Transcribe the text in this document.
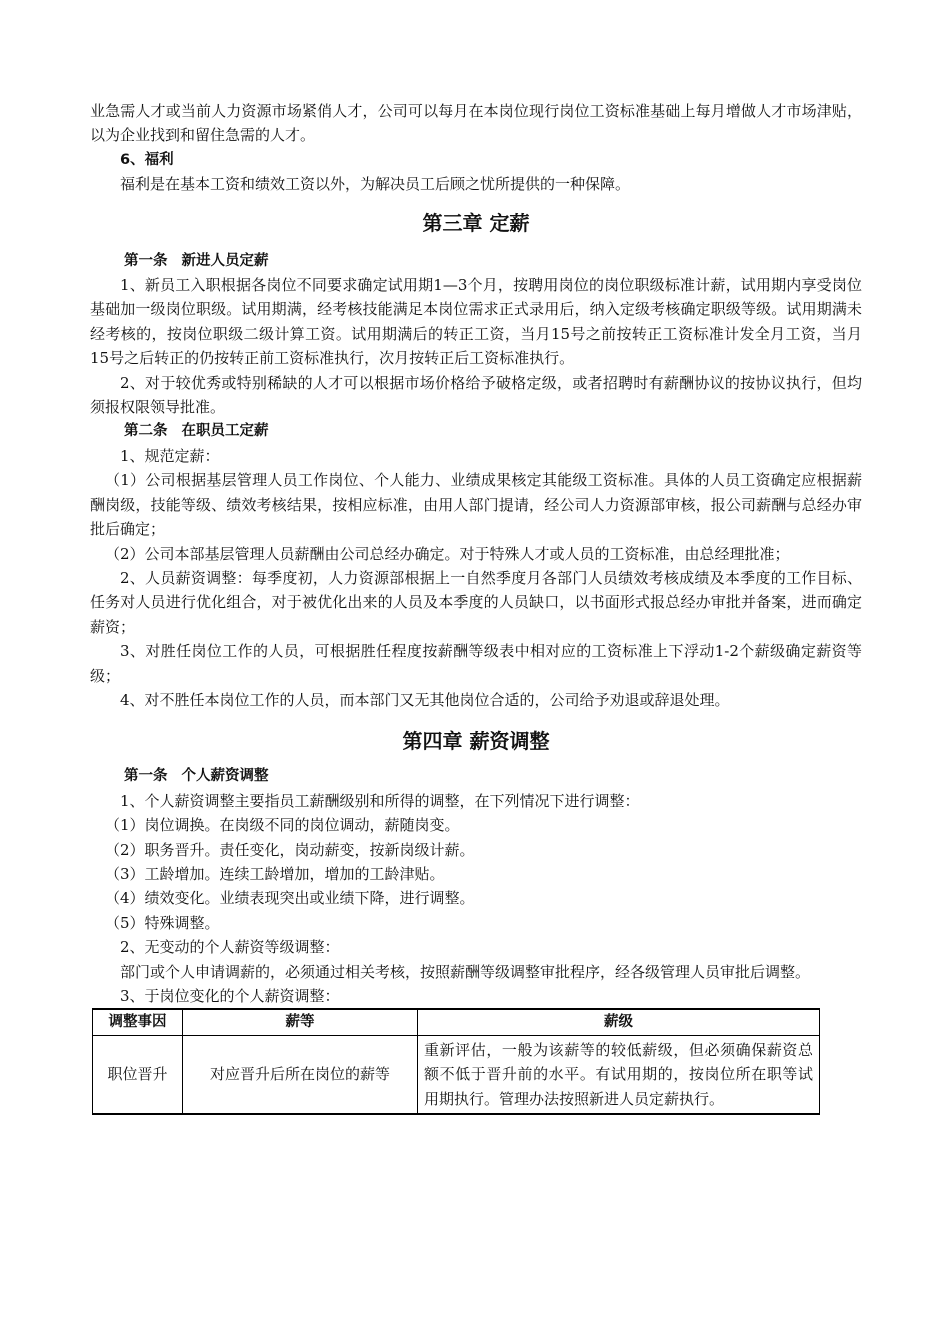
业急需人才或当前人力资源市场紧俏人才，公司可以每月在本岗位现行岗位工资标准基础上每月增做人才市场津贴，以为企业找到和留住急需的人才。

6、福利

福利是在基本工资和绩效工资以外，为解决员工后顾之忧所提供的一种保障。

第三章 定薪

第一条 新进人员定薪

1、新员工入职根据各岗位不同要求确定试用期1—3个月，按聘用岗位的岗位职级标准计薪，试用期内享受岗位基础加一级岗位职级。试用期满，经考核技能满足本岗位需求正式录用后，纳入定级考核确定职级等级。试用期满未经考核的，按岗位职级二级计算工资。试用期满后的转正工资，当月15号之前按转正工资标准计发全月工资，当月15号之后转正的仍按转正前工资标准执行，次月按转正后工资标准执行。

2、对于较优秀或特别稀缺的人才可以根据市场价格给予破格定级，或者招聘时有薪酬协议的按协议执行，但均须报权限领导批准。

第二条 在职员工定薪

1、规范定薪：

（1）公司根据基层管理人员工作岗位、个人能力、业绩成果核定其能级工资标准。具体的人员工资确定应根据薪酬岗级，技能等级、绩效考核结果，按相应标准，由用人部门提请，经公司人力资源部审核，报公司薪酬与总经办审批后确定；

（2）公司本部基层管理人员薪酬由公司总经办确定。对于特殊人才或人员的工资标准，由总经理批准；

2、人员薪资调整：每季度初，人力资源部根据上一自然季度月各部门人员绩效考核成绩及本季度的工作目标、任务对人员进行优化组合，对于被优化出来的人员及本季度的人员缺口，以书面形式报总经办审批并备案，进而确定薪资；

3、对胜任岗位工作的人员，可根据胜任程度按薪酬等级表中相对应的工资标准上下浮动1-2个薪级确定薪资等级；

4、对不胜任本岗位工作的人员，而本部门又无其他岗位合适的，公司给予劝退或辞退处理。

第四章 薪资调整

第一条 个人薪资调整

1、个人薪资调整主要指员工薪酬级别和所得的调整，在下列情况下进行调整：

（1）岗位调换。在岗级不同的岗位调动，薪随岗变。

（2）职务晋升。责任变化，岗动薪变，按新岗级计薪。

（3）工龄增加。连续工龄增加，增加的工龄津贴。

（4）绩效变化。业绩表现突出或业绩下降，进行调整。

（5）特殊调整。

2、无变动的个人薪资等级调整：

部门或个人申请调薪的，必须通过相关考核，按照薪酬等级调整审批程序，经各级管理人员审批后调整。

3、于岗位变化的个人薪资调整：

调整事因	薪等	薪级
职位晋升	对应晋升后所在岗位的薪等	重新评估，一般为该薪等的较低薪级，但必须确保薪资总额不低于晋升前的水平。有试用期的，按岗位所在职等试用期执行。管理办法按照新进人员定薪执行。
